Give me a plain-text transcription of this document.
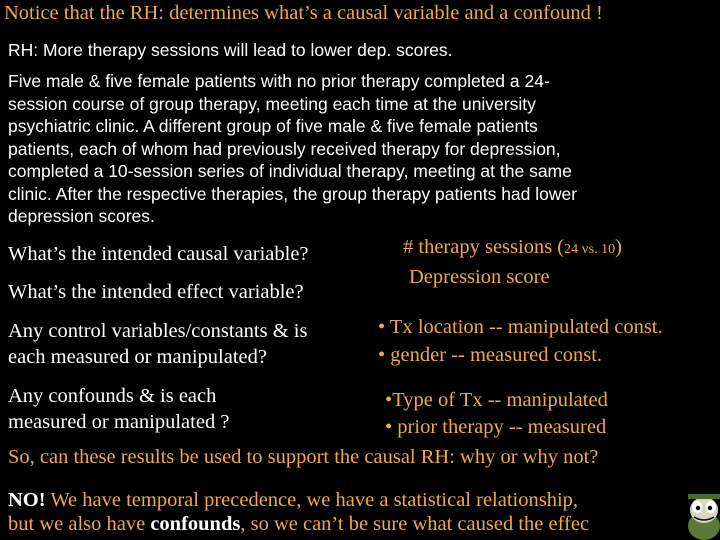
Notice that the RH: determines what’s a causal variable and a confound !
RH: More therapy sessions will lead to lower dep. scores.
Five male & five female patients with no prior therapy completed a 24-
session course of group therapy, meeting each time at the university
psychiatric clinic. A different group of five male & five female patients
patients, each of whom had previously received therapy for depression,
completed a 10-session series of individual therapy, meeting at the same
clinic. After the respective therapies, the group therapy patients had lower
depression scores.
What’s the intended causal variable?
What’s the intended effect variable?
# therapy sessions (24 vs. 10)
Depression score
Any control variables/constants & is
each measured or manipulated?
• Tx location -- manipulated const.
• gender -- measured const.
Any confounds & is each
measured or manipulated ?
•Type of Tx -- manipulated
• prior therapy -- measured
So, can these results be used to support the causal RH: why or why not?
NO! We have temporal precedence, we have a statistical relationship,
but we also have confounds, so we can’t be sure what caused the effec
